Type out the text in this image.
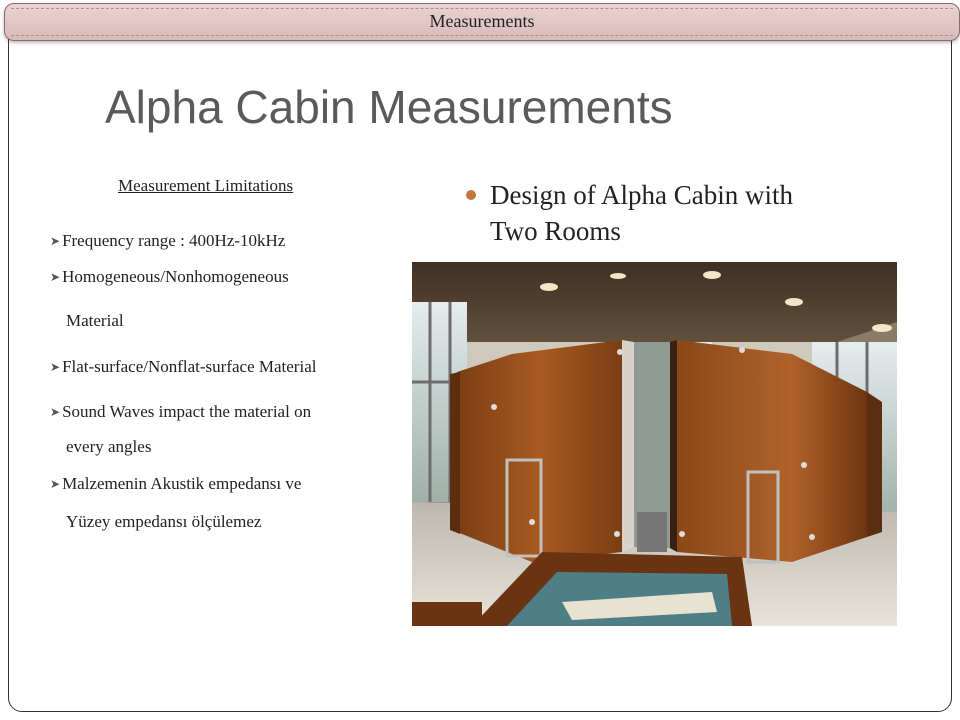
Measurements
Alpha Cabin Measurements
Measurement Limitations
➤ Frequency range : 400Hz-10kHz
➤ Homogeneous/Nonhomogeneous
Material
➤ Flat-surface/Nonflat-surface Material
➤ Sound Waves impact the material on
every angles
➤ Malzemenin Akustik empedansı ve
Yüzey empedansı ölçülemez
Design of Alpha Cabin with
Two Rooms
